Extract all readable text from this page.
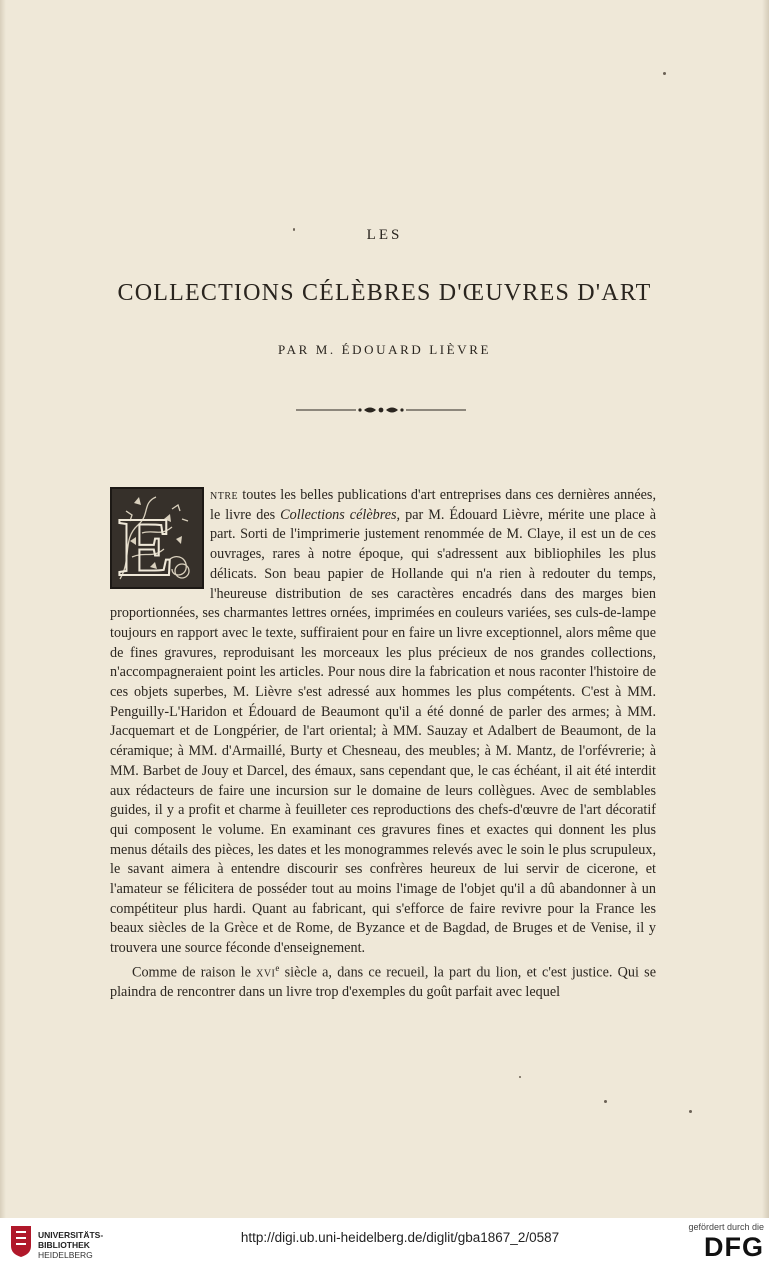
LES
COLLECTIONS CÉLÈBRES D'ŒUVRES D'ART
PAR M. ÉDOUARD LIÈVRE
E

ntre toutes les belles publications d'art entreprises dans ces dernières années, le livre des Collections célèbres, par M. Édouard Lièvre, mérite une place à part. Sorti de l'imprimerie justement renommée de M. Claye, il est un de ces ouvrages, rares à notre époque, qui s'adressent aux bibliophiles les plus délicats. Son beau papier de Hollande qui n'a rien à redouter du temps, l'heureuse distribution de ses caractères encadrés dans des marges bien proportionnées, ses charmantes lettres ornées, imprimées en couleurs variées, ses culs-de-lampe toujours en rapport avec le texte, suffiraient pour en faire un livre exceptionnel, alors même que de fines gravures, reproduisant les morceaux les plus précieux de nos grandes collections, n'accompagneraient point les articles. Pour nous dire la fabrication et nous raconter l'histoire de ces objets superbes, M. Lièvre s'est adressé aux hommes les plus compétents. C'est à MM. Penguilly-L'Haridon et Édouard de Beaumont qu'il a été donné de parler des armes; à MM. Jacquemart et de Longpérier, de l'art oriental; à MM. Sauzay et Adalbert de Beaumont, de la céramique; à MM. d'Armaillé, Burty et Chesneau, des meubles; à M. Mantz, de l'orfévrerie; à MM. Barbet de Jouy et Darcel, des émaux, sans cependant que, le cas échéant, il ait été interdit aux rédacteurs de faire une incursion sur le domaine de leurs collègues. Avec de semblables guides, il y a profit et charme à feuilleter ces reproductions des chefs-d'œuvre de l'art décoratif qui composent le volume. En examinant ces gravures fines et exactes qui donnent les plus menus détails des pièces, les dates et les monogrammes relevés avec le soin le plus scrupuleux, le savant aimera à entendre discourir ses confrères heureux de lui servir de cicerone, et l'amateur se félicitera de posséder tout au moins l'image de l'objet qu'il a dû abandonner à un compétiteur plus hardi. Quant au fabricant, qui s'efforce de faire revivre pour la France les beaux siècles de la Grèce et de Rome, de Byzance et de Bagdad, de Bruges et de Venise, il y trouvera une source féconde d'enseignement.

Comme de raison le xvi$^e$ siècle a, dans ce recueil, la part du lion, et c'est justice. Qui se plaindra de rencontrer dans un livre trop d'exemples du goût parfait avec lequel

UNIVERSITÄTS-
BIBLIOTHEK
HEIDELBERG
http://digi.ub.uni-heidelberg.de/diglit/gba1867_2/0587
gefördert durch die
DFG
